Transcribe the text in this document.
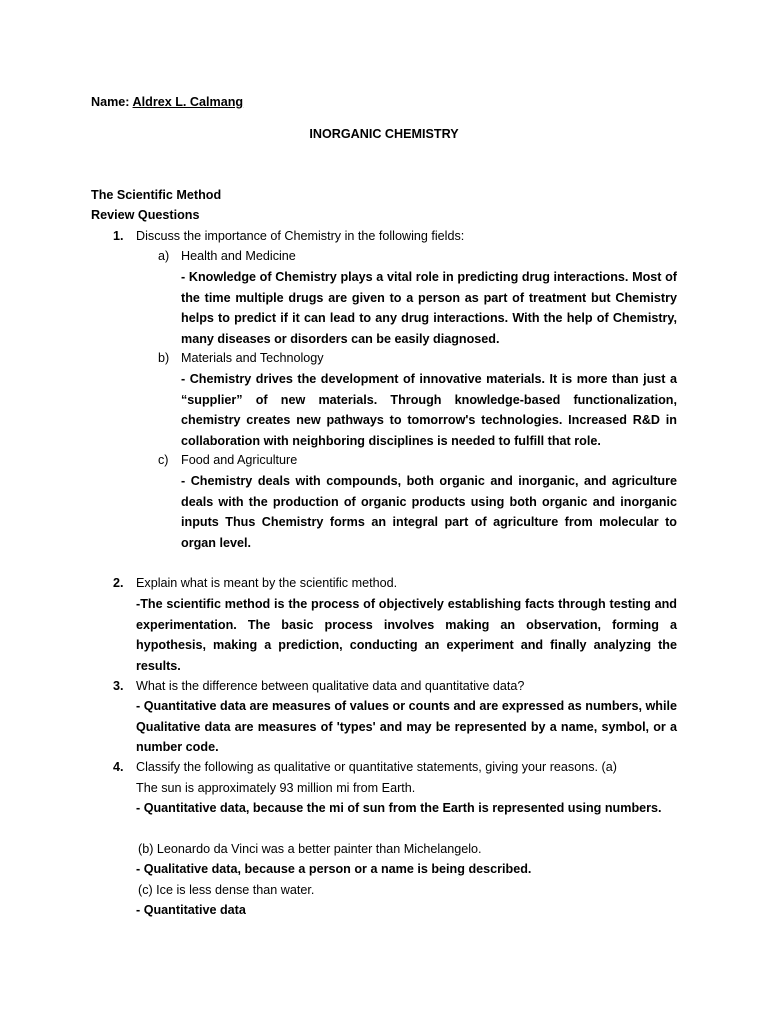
Name: Aldrex L. Calmang
INORGANIC CHEMISTRY
The Scientific Method
Review Questions
1. Discuss the importance of Chemistry in the following fields:
a) Health and Medicine
- Knowledge of Chemistry plays a vital role in predicting drug interactions. Most of the time multiple drugs are given to a person as part of treatment but Chemistry helps to predict if it can lead to any drug interactions. With the help of Chemistry, many diseases or disorders can be easily diagnosed.
b) Materials and Technology
- Chemistry drives the development of innovative materials. It is more than just a “supplier” of new materials. Through knowledge-based functionalization, chemistry creates new pathways to tomorrow's technologies. Increased R&D in collaboration with neighboring disciplines is needed to fulfill that role.
c) Food and Agriculture
- Chemistry deals with compounds, both organic and inorganic, and agriculture deals with the production of organic products using both organic and inorganic inputs Thus Chemistry forms an integral part of agriculture from molecular to organ level.
2. Explain what is meant by the scientific method.
-The scientific method is the process of objectively establishing facts through testing and experimentation. The basic process involves making an observation, forming a hypothesis, making a prediction, conducting an experiment and finally analyzing the results.
3. What is the difference between qualitative data and quantitative data?
- Quantitative data are measures of values or counts and are expressed as numbers, while Qualitative data are measures of 'types' and may be represented by a name, symbol, or a number code.
4. Classify the following as qualitative or quantitative statements, giving your reasons. (a)
The sun is approximately 93 million mi from Earth.
- Quantitative data, because the mi of sun from the Earth is represented using numbers.
(b) Leonardo da Vinci was a better painter than Michelangelo.
- Qualitative data, because a person or a name is being described.
(c) Ice is less dense than water.
- Quantitative data
